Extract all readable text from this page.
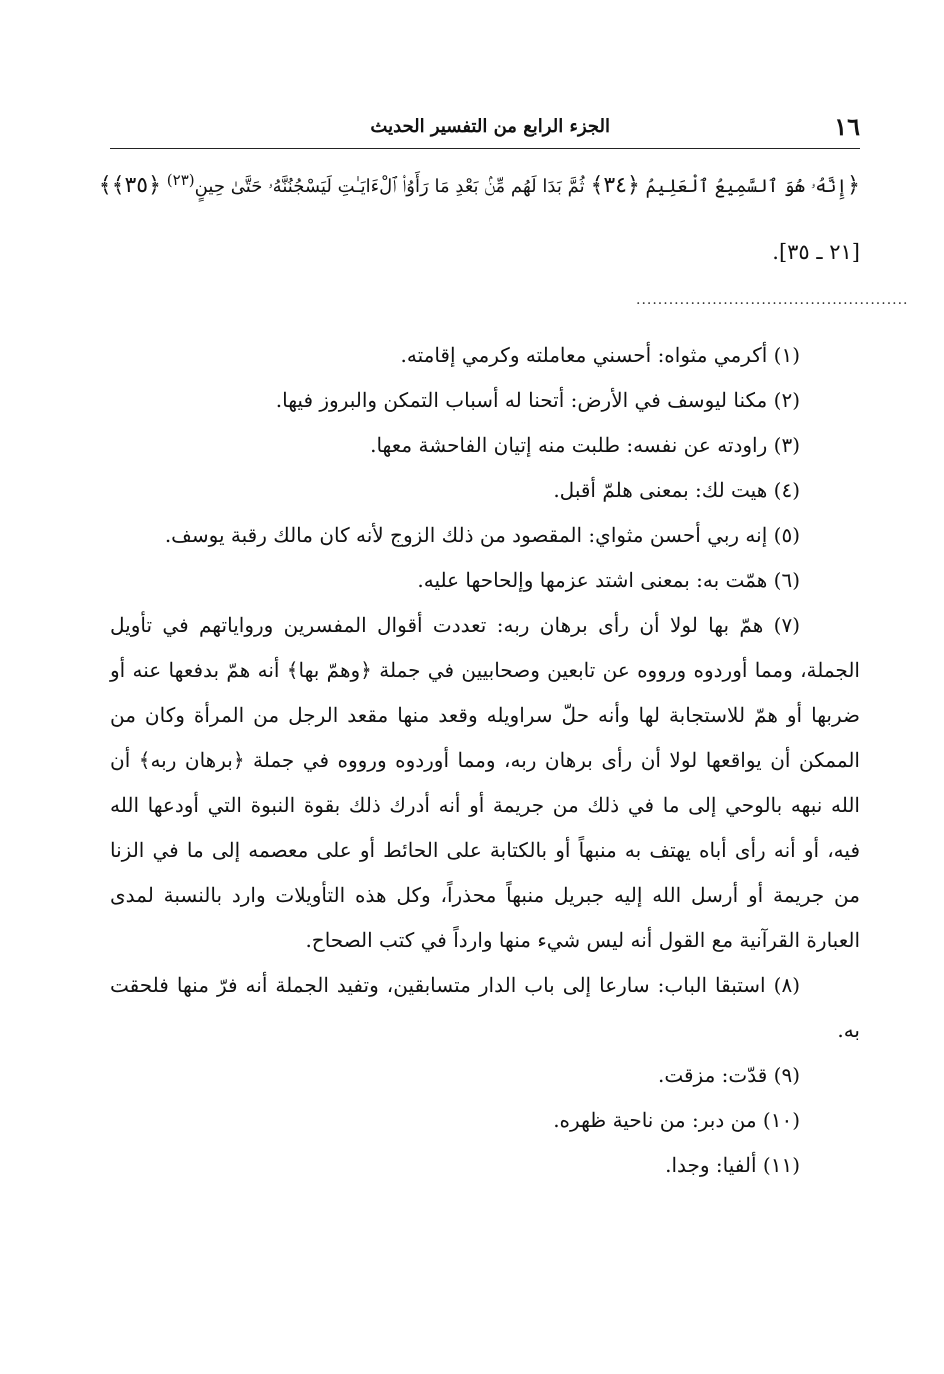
١٦
الجزء الرابع من التفسير الحديث
﴿إِنَّهُۥ هُوَ ٱلسَّمِيعُ ٱلْعَلِيمُ ﴿٣٤﴾ ثُمَّ بَدَا لَهُم مِّنۢ بَعْدِ مَا رَأَوُا۟ ٱلْءَايَـٰتِ لَيَسْجُنُنَّهُۥ حَتَّىٰ حِينٍ$^{(٢٣)}$ ﴿٣٥﴾﴾
[٢١ ـ ٣٥].
..................................................

(١) أكرمي مثواه: أحسني معاملته وكرمي إقامته.

(٢) مكنا ليوسف في الأرض: أتحنا له أسباب التمكن والبروز فيها.

(٣) راودته عن نفسه: طلبت منه إتيان الفاحشة معها.

(٤) هيت لك: بمعنى هلمّ أقبل.

(٥) إنه ربي أحسن مثواي: المقصود من ذلك الزوج لأنه كان مالك رقبة يوسف.

(٦) همّت به: بمعنى اشتد عزمها وإلحاحها عليه.

(٧) همّ بها لولا أن رأى برهان ربه: تعددت أقوال المفسرين ورواياتهم في تأويل الجملة، ومما أوردوه ورووه عن تابعين وصحابيين في جملة ﴿وهمّ بها﴾ أنه همّ بدفعها عنه أو ضربها أو همّ للاستجابة لها وأنه حلّ سراويله وقعد منها مقعد الرجل من المرأة وكان من الممكن أن يواقعها لولا أن رأى برهان ربه، ومما أوردوه ورووه في جملة ﴿برهان ربه﴾ أن الله نبهه بالوحي إلى ما في ذلك من جريمة أو أنه أدرك ذلك بقوة النبوة التي أودعها الله فيه، أو أنه رأى أباه يهتف به منبهاً أو بالكتابة على الحائط أو على معصمه إلى ما في الزنا من جريمة أو أرسل الله إليه جبريل منبهاً محذراً، وكل هذه التأويلات وارد بالنسبة لمدى العبارة القرآنية مع القول أنه ليس شيء منها وارداً في كتب الصحاح.

(٨) استبقا الباب: سارعا إلى باب الدار متسابقين، وتفيد الجملة أنه فرّ منها فلحقت به.

(٩) قدّت: مزقت.

(١٠) من دبر: من ناحية ظهره.

(١١) ألفيا: وجدا.
